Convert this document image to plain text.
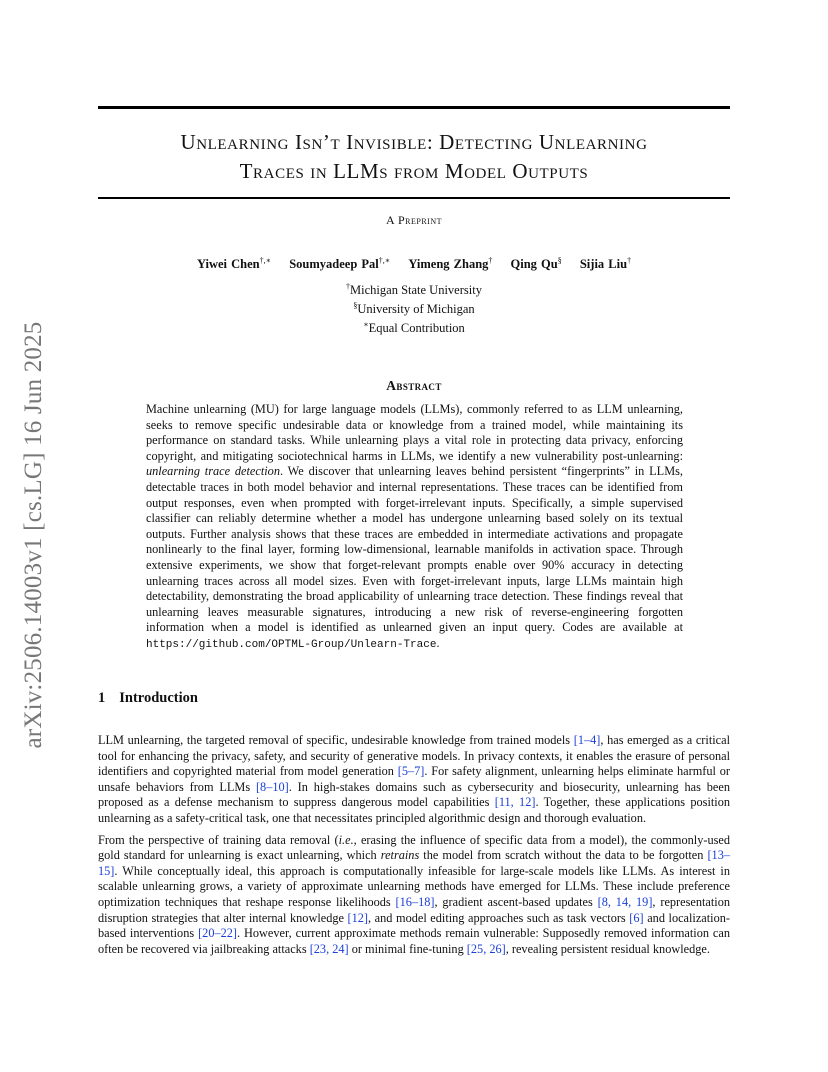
arXiv:2506.14003v1 [cs.LG] 16 Jun 2025
Unlearning Isn’t Invisible: Detecting Unlearning
Traces in LLMs from Model Outputs
A Preprint
Yiwei Chen†,∗ Soumyadeep Pal†,∗ Yimeng Zhang† Qing Qu§ Sijia Liu†
†Michigan State University
§University of Michigan
∗Equal Contribution
Abstract
Machine unlearning (MU) for large language models (LLMs), commonly referred to as LLM unlearning, seeks to remove specific undesirable data or knowledge from a trained model, while maintaining its performance on standard tasks. While unlearning plays a vital role in protecting data privacy, enforcing copyright, and mitigating sociotechnical harms in LLMs, we identify a new vulnerability post-unlearning: unlearning trace detection. We discover that unlearning leaves behind persistent “fingerprints” in LLMs, detectable traces in both model behavior and internal representations. These traces can be identified from output responses, even when prompted with forget-irrelevant inputs. Specifically, a simple supervised classifier can reliably determine whether a model has undergone unlearning based solely on its textual outputs. Further analysis shows that these traces are embedded in intermediate activations and propagate nonlinearly to the final layer, forming low-dimensional, learnable manifolds in activation space. Through extensive experiments, we show that forget-relevant prompts enable over 90% accuracy in detecting unlearning traces across all model sizes. Even with forget-irrelevant inputs, large LLMs maintain high detectability, demonstrating the broad applicability of unlearning trace detection. These findings reveal that unlearning leaves measurable signatures, introducing a new risk of reverse-engineering forgotten information when a model is identified as unlearned given an input query. Codes are available at https://github.com/OPTML-Group/Unlearn-Trace.
1 Introduction

LLM unlearning, the targeted removal of specific, undesirable knowledge from trained models [1–4], has emerged as a critical tool for enhancing the privacy, safety, and security of generative models. In privacy contexts, it enables the erasure of personal identifiers and copyrighted material from model generation [5–7]. For safety alignment, unlearning helps eliminate harmful or unsafe behaviors from LLMs [8–10]. In high-stakes domains such as cybersecurity and biosecurity, unlearning has been proposed as a defense mechanism to suppress dangerous model capabilities [11, 12]. Together, these applications position unlearning as a safety-critical task, one that necessitates principled algorithmic design and thorough evaluation.

From the perspective of training data removal (i.e., erasing the influence of specific data from a model), the commonly-used gold standard for unlearning is exact unlearning, which retrains the model from scratch without the data to be forgotten [13–15]. While conceptually ideal, this approach is computationally infeasible for large-scale models like LLMs. As interest in scalable unlearning grows, a variety of approximate unlearning methods have emerged for LLMs. These include preference optimization techniques that reshape response likelihoods [16–18], gradient ascent-based updates [8, 14, 19], representation disruption strategies that alter internal knowledge [12], and model editing approaches such as task vectors [6] and localization-based interventions [20–22]. However, current approximate methods remain vulnerable: Supposedly removed information can often be recovered via jailbreaking attacks [23, 24] or minimal fine-tuning [25, 26], revealing persistent residual knowledge.
